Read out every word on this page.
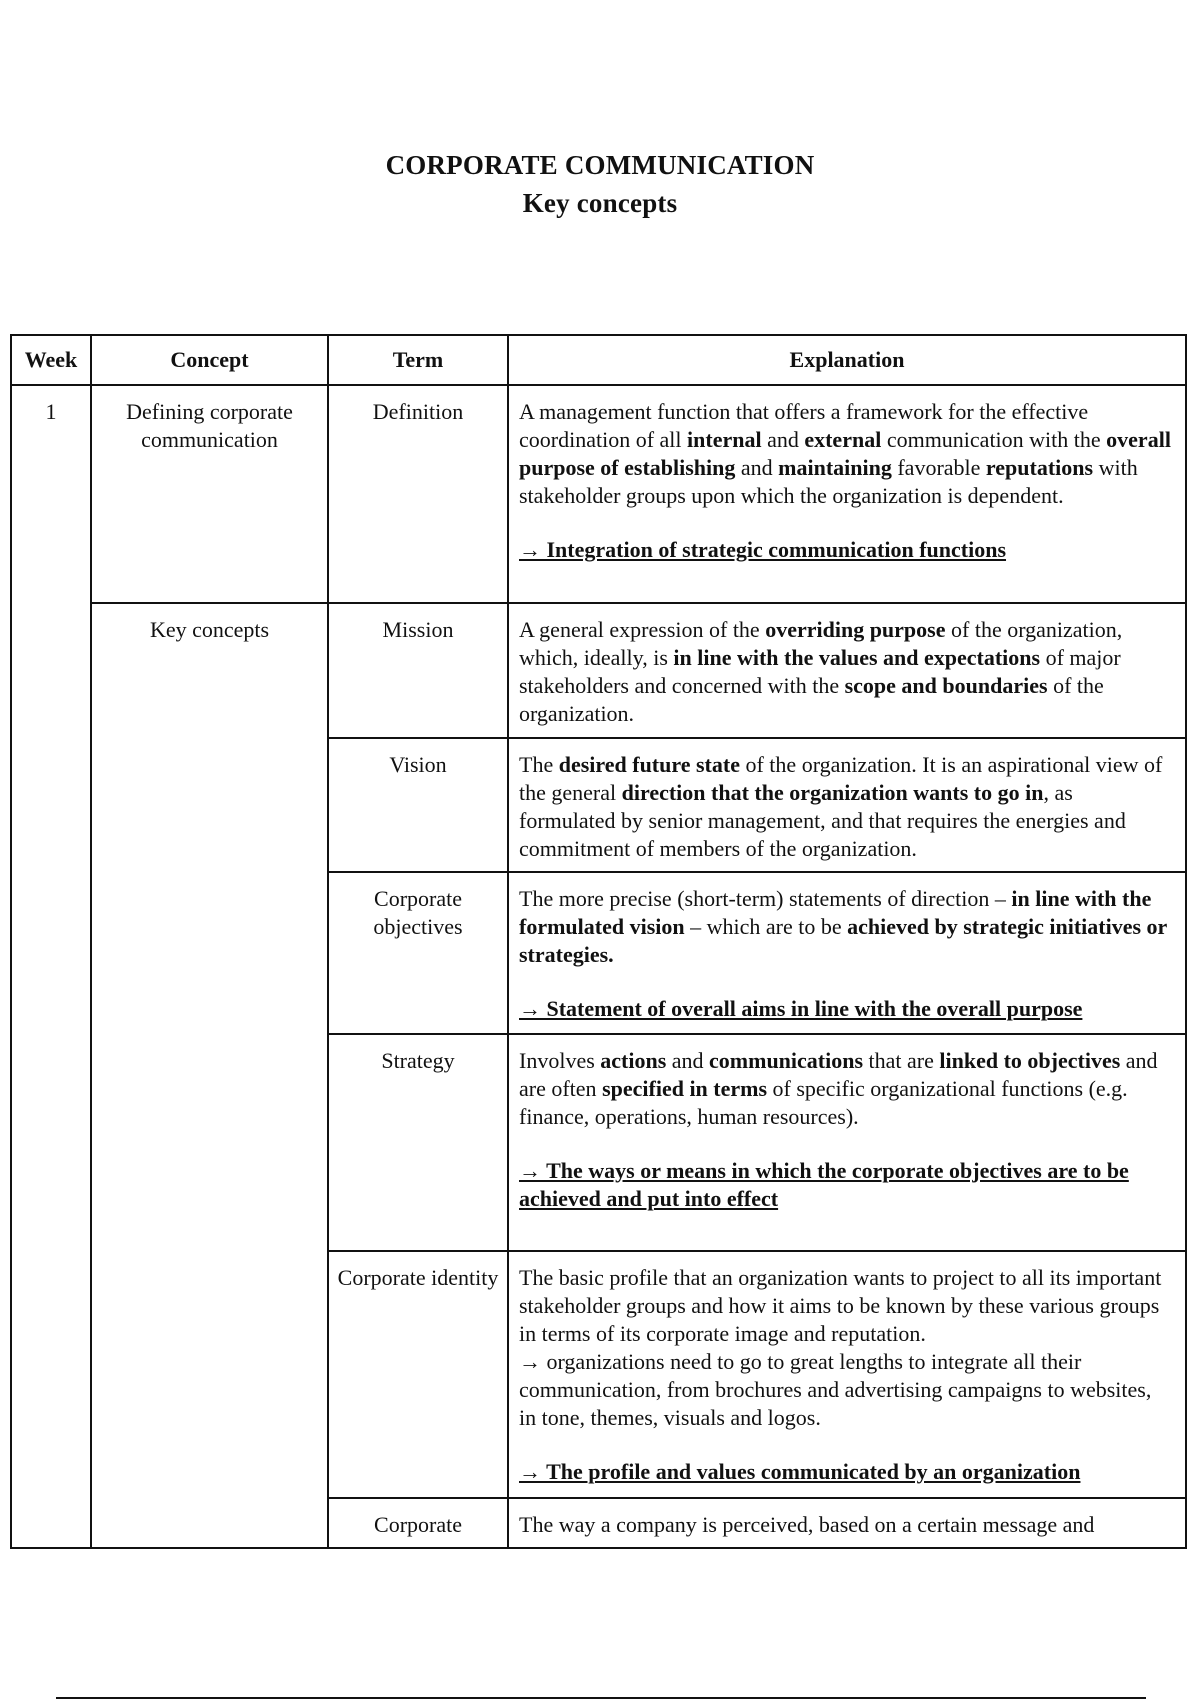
CORPORATE COMMUNICATION

Key concepts

Week	Concept	Term	Explanation
1	Defining corporate communication	Definition	A management function that offers a framework for the effective coordination of all internal and external communication with the overall purpose of establishing and maintaining favorable reputations with stakeholder groups upon which the organization is dependent.
→ Integration of strategic communication functions

	Key concepts	Mission	A general expression of the overriding purpose of the organization, which, ideally, is in line with the values and expectations of major stakeholders and concerned with the scope and boundaries of the organization.

		Vision	The desired future state of the organization. It is an aspirational view of the general direction that the organization wants to go in, as formulated by senior management, and that requires the energies and commitment of members of the organization.

		Corporate objectives	The more precise (short-term) statements of direction – in line with the formulated vision – which are to be achieved by strategic initiatives or strategies.
→ Statement of overall aims in line with the overall purpose

		Strategy	Involves actions and communications that are linked to objectives and are often specified in terms of specific organizational functions (e.g. finance, operations, human resources).
→ The ways or means in which the corporate objectives are to be achieved and put into effect

		Corporate identity	The basic profile that an organization wants to project to all its important stakeholder groups and how it aims to be known by these various groups in terms of its corporate image and reputation.
→ organizations need to go to great lengths to integrate all their communication, from brochures and advertising campaigns to websites, in tone, themes, visuals and logos.
→ The profile and values communicated by an organization

		Corporate	The way a company is perceived, based on a certain message and
